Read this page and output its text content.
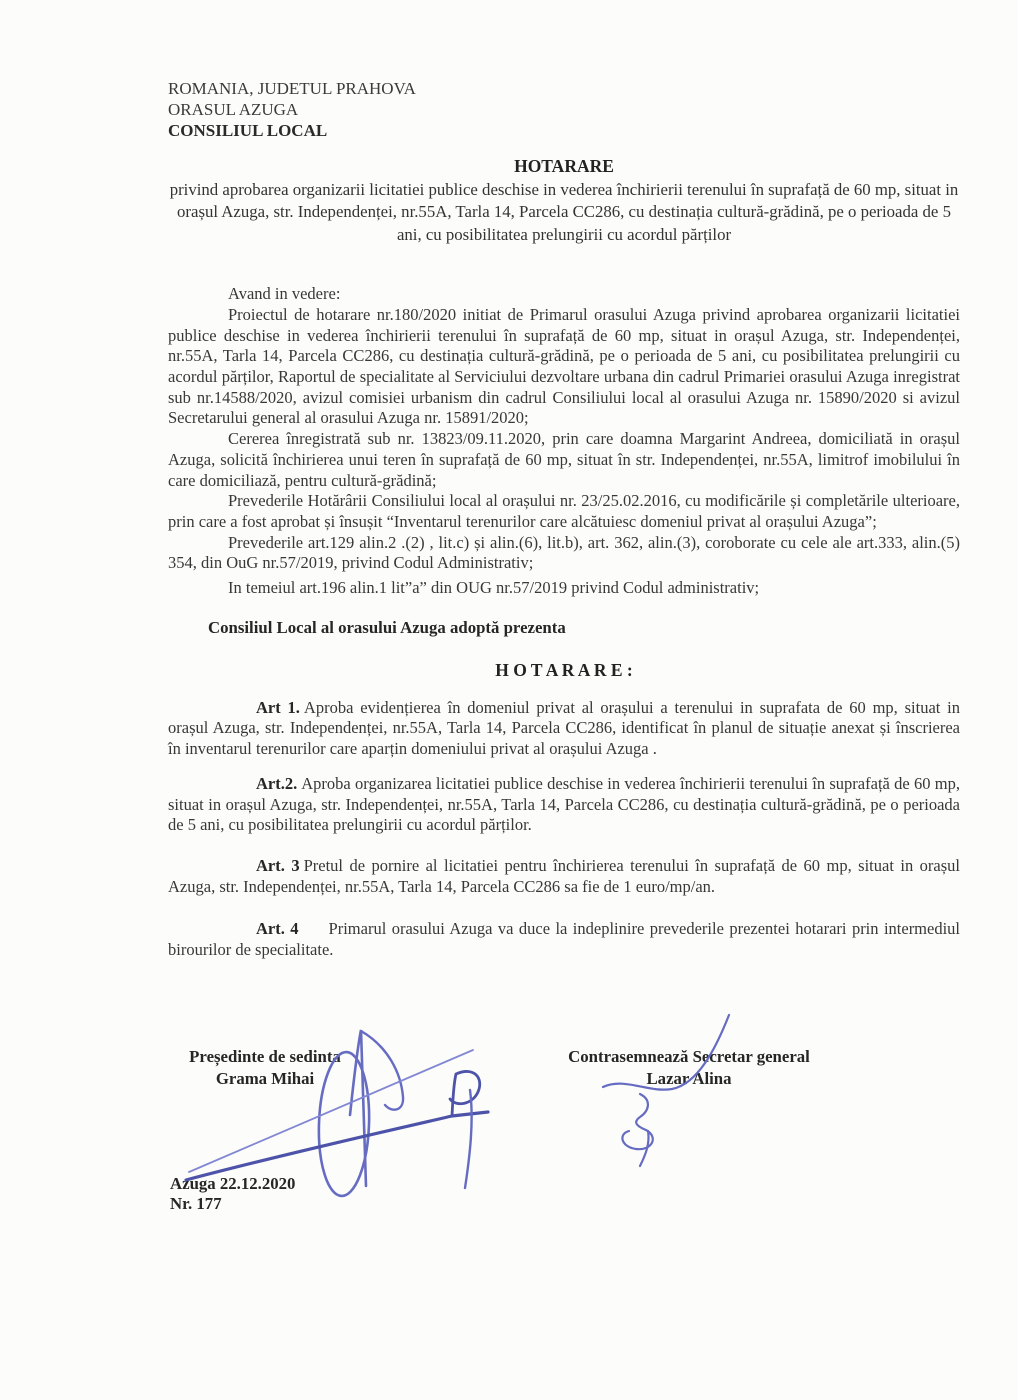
ROMANIA, JUDETUL PRAHOVA
ORASUL AZUGA
CONSILIUL LOCAL
HOTARARE
privind aprobarea organizarii licitatiei publice deschise in vederea închirierii terenului în suprafață de 60 mp, situat in orașul Azuga, str. Independenței, nr.55A, Tarla 14, Parcela CC286, cu destinația cultură-grădină, pe o perioada de 5 ani, cu posibilitatea prelungirii cu acordul părților

Avand in vedere:

Proiectul de hotarare nr.180/2020 initiat de Primarul orasului Azuga privind aprobarea organizarii licitatiei publice deschise in vederea închirierii terenului în suprafață de 60 mp, situat in orașul Azuga, str. Independenței, nr.55A, Tarla 14, Parcela CC286, cu destinația cultură-grădină, pe o perioada de 5 ani, cu posibilitatea prelungirii cu acordul părților, Raportul de specialitate al Serviciului dezvoltare urbana din cadrul Primariei orasului Azuga inregistrat sub nr.14588/2020, avizul comisiei urbanism din cadrul Consiliului local al orasului Azuga nr. 15890/2020 si avizul Secretarului general al orasului Azuga nr. 15891/2020;

Cererea înregistrată sub nr. 13823/09.11.2020, prin care doamna Margarint Andreea, domiciliată in orașul Azuga, solicită închirierea unui teren în suprafață de 60 mp, situat în str. Independenței, nr.55A, limitrof imobilului în care domiciliază, pentru cultură-grădină;

Prevederile Hotărârii Consiliului local al orașului nr. 23/25.02.2016, cu modificările și completările ulterioare, prin care a fost aprobat și însușit “Inventarul terenurilor care alcătuiesc domeniul privat al orașului Azuga”;

Prevederile art.129 alin.2 .(2) , lit.c) și alin.(6), lit.b), art. 362, alin.(3), coroborate cu cele ale art.333, alin.(5) 354, din OuG nr.57/2019, privind Codul Administrativ;

In temeiul art.196 alin.1 lit”a” din OUG nr.57/2019 privind Codul administrativ;

Consiliul Local al orasului Azuga adoptă prezenta
H O T A R A R E :

Art 1. Aproba evidențierea în domeniul privat al orașului a terenului in suprafata de 60 mp, situat in orașul Azuga, str. Independenței, nr.55A, Tarla 14, Parcela CC286, identificat în planul de situație anexat și înscrierea în inventarul terenurilor care aparțin domeniului privat al orașului Azuga .

Art.2. Aproba organizarea licitatiei publice deschise in vederea închirierii terenului în suprafață de 60 mp, situat in orașul Azuga, str. Independenței, nr.55A, Tarla 14, Parcela CC286, cu destinația cultură-grădină, pe o perioada de 5 ani, cu posibilitatea prelungirii cu acordul părților.

Art. 3 Pretul de pornire al licitatiei pentru închirierea terenului în suprafață de 60 mp, situat in orașul Azuga, str. Independenței, nr.55A, Tarla 14, Parcela CC286 sa fie de 1 euro/mp/an.

Art. 4 Primarul orasului Azuga va duce la indeplinire prevederile prezentei hotarari prin intermediul birourilor de specialitate.

Președinte de sedinta
Grama Mihai
Contrasemnează Secretar general
Lazar Alina
Azuga 22.12.2020
Nr. 177
